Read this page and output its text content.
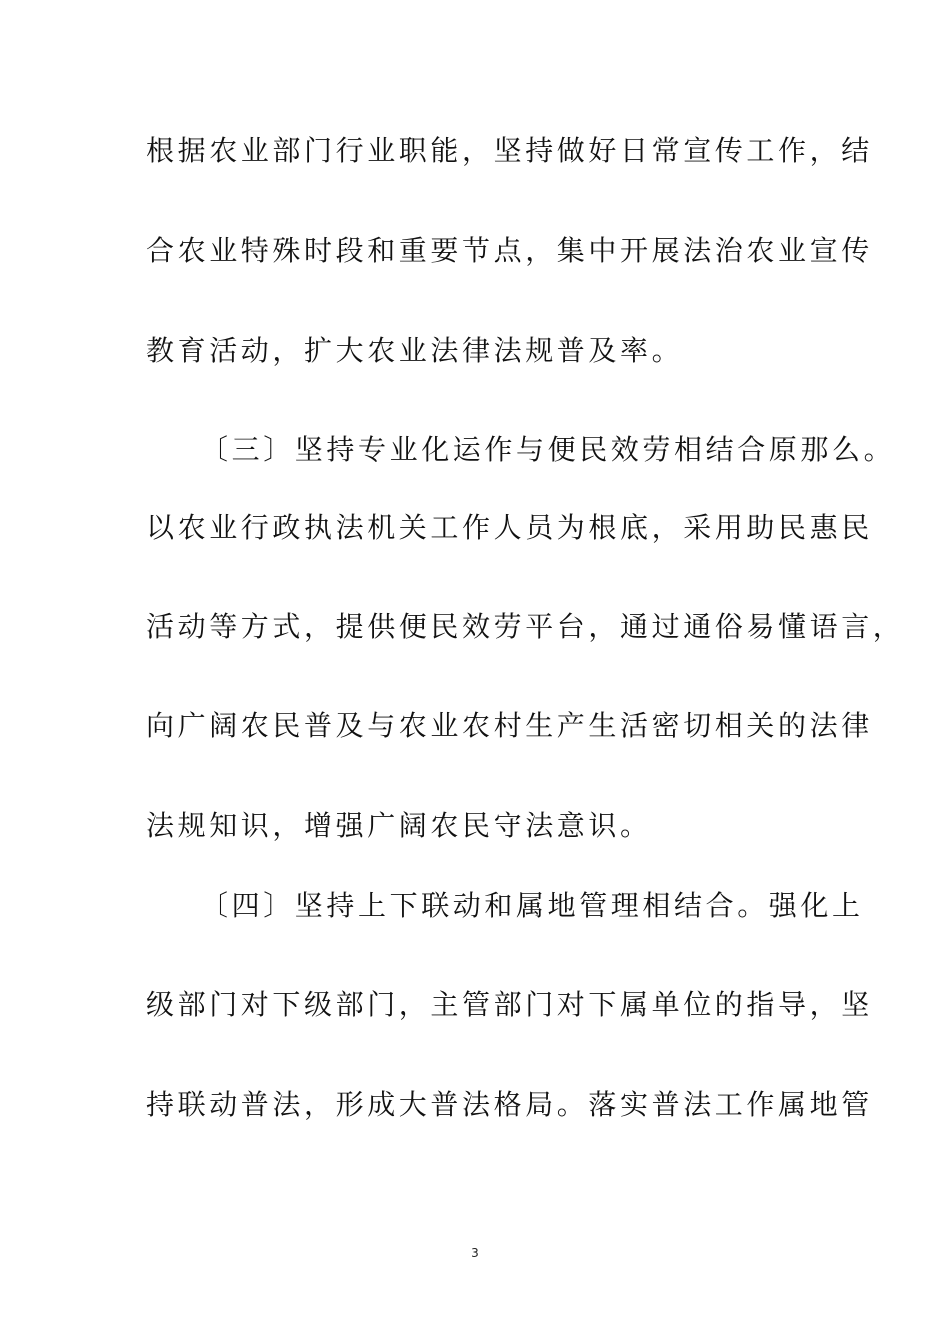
根据农业部门行业职能，坚持做好日常宣传工作，结
合农业特殊时段和重要节点，集中开展法治农业宣传
教育活动，扩大农业法律法规普及率。
〔三〕坚持专业化运作与便民效劳相结合原那么。
以农业行政执法机关工作人员为根底，采用助民惠民
活动等方式，提供便民效劳平台，通过通俗易懂语言，
向广阔农民普及与农业农村生产生活密切相关的法律
法规知识，增强广阔农民守法意识。
〔四〕坚持上下联动和属地管理相结合。强化上
级部门对下级部门，主管部门对下属单位的指导，坚
持联动普法，形成大普法格局。落实普法工作属地管
3
